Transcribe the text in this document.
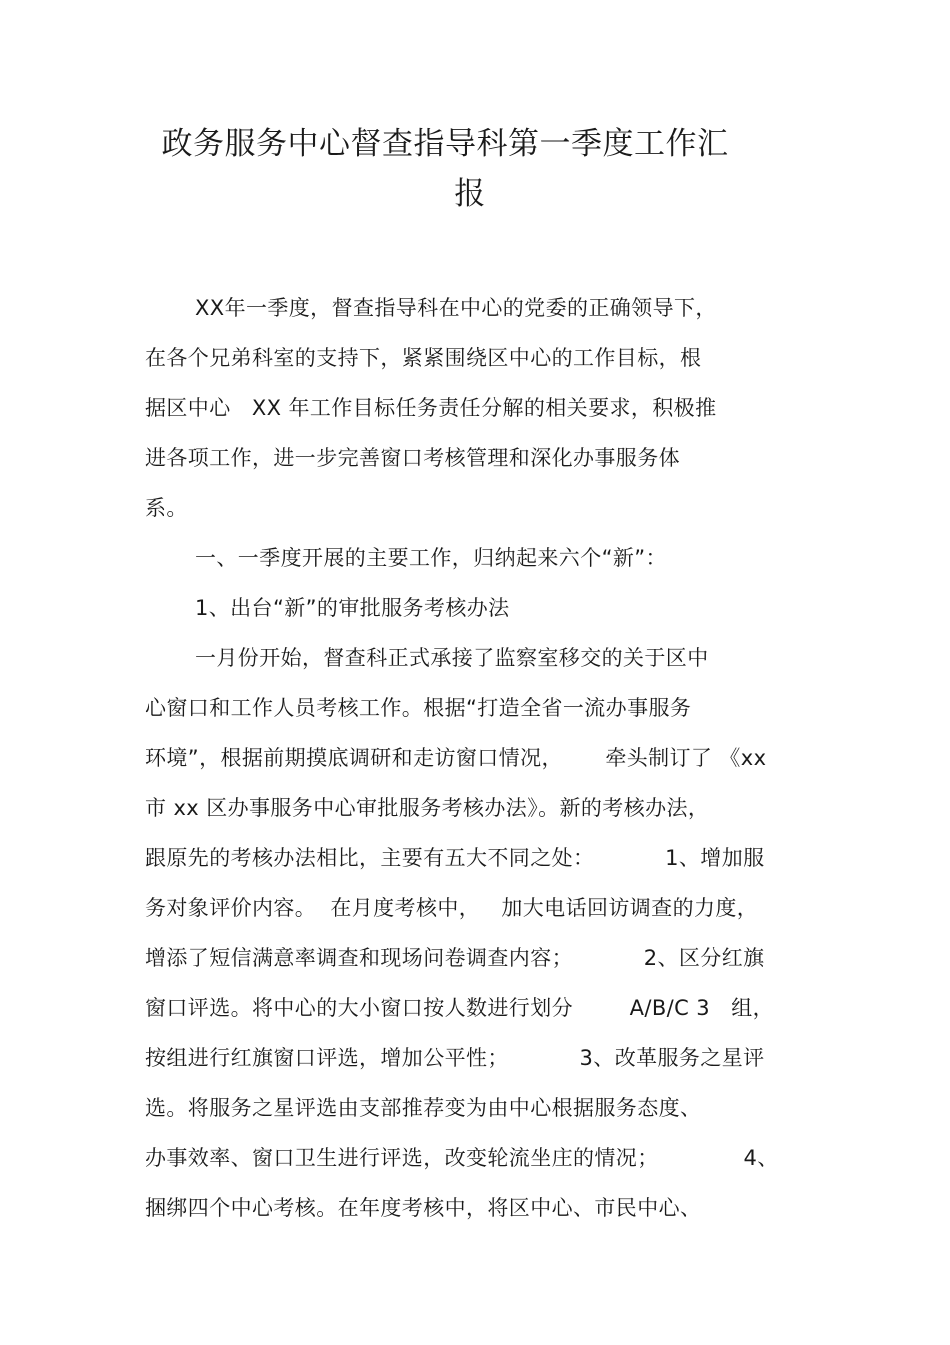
政务服务中心督查指导科第一季度工作汇
报
XX年一季度，督查指导科在中心的党委的正确领导下，
在各个兄弟科室的支持下，紧紧围绕区中心的工作目标，根
据区中心   XX 年工作目标任务责任分解的相关要求，积极推
进各项工作，进一步完善窗口考核管理和深化办事服务体
系。
一、一季度开展的主要工作，归纳起来六个“新”：
1、出台“新”的审批服务考核办法
一月份开始，督查科正式承接了监察室移交的关于区中
心窗口和工作人员考核工作。根据“打造全省一流办事服务
环境”，根据前期摸底调研和走访窗口情况，      牵头制订了 《xx
市 xx 区办事服务中心审批服务考核办法》。新的考核办法，
跟原先的考核办法相比，主要有五大不同之处：          1、增加服
务对象评价内容。  在月度考核中，   加大电话回访调查的力度，
增添了短信满意率调查和现场问卷调查内容；          2、区分红旗
窗口评选。将中心的大小窗口按人数进行划分        A/B/C 3   组，
按组进行红旗窗口评选，增加公平性；          3、改革服务之星评
选。将服务之星评选由支部推荐变为由中心根据服务态度、
办事效率、窗口卫生进行评选，改变轮流坐庄的情况；            4、
捆绑四个中心考核。在年度考核中，将区中心、市民中心、
